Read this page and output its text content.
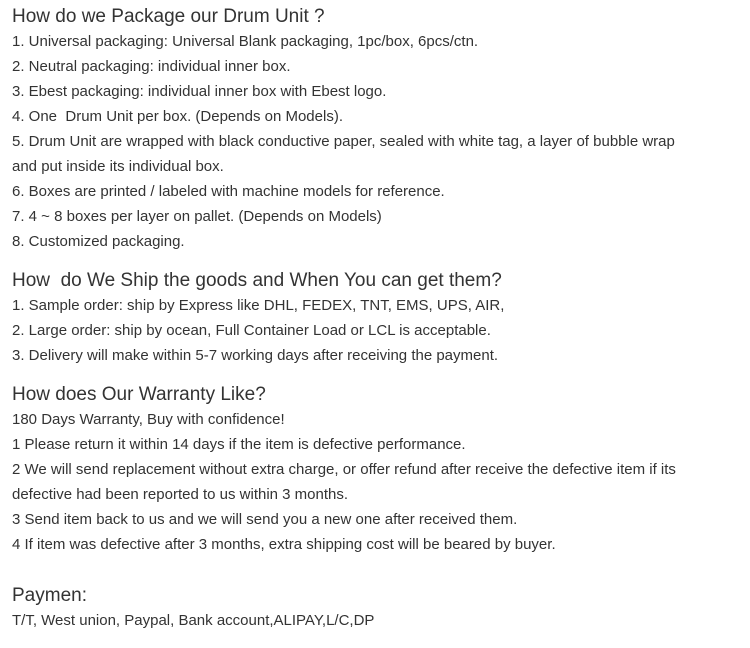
How do we Package our Drum Unit ?
1. Universal packaging: Universal Blank packaging, 1pc/box, 6pcs/ctn.
2. Neutral packaging: individual inner box.
3. Ebest packaging: individual inner box with Ebest logo.
4. One  Drum Unit per box. (Depends on Models).
5. Drum Unit are wrapped with black conductive paper, sealed with white tag, a layer of bubble wrap
and put inside its individual box.
6. Boxes are printed / labeled with machine models for reference.
7. 4 ~ 8 boxes per layer on pallet. (Depends on Models)
8. Customized packaging.
How  do We Ship the goods and When You can get them?
1. Sample order: ship by Express like DHL, FEDEX, TNT, EMS, UPS, AIR,
2. Large order: ship by ocean, Full Container Load or LCL is acceptable.
3. Delivery will make within 5-7 working days after receiving the payment.
How does Our Warranty Like?
180 Days Warranty, Buy with confidence!
1 Please return it within 14 days if the item is defective performance.
2 We will send replacement without extra charge, or offer refund after receive the defective item if its
defective had been reported to us within 3 months.
3 Send item back to us and we will send you a new one after received them.
4 If item was defective after 3 months, extra shipping cost will be beared by buyer.
Paymen:
T/T, West union, Paypal, Bank account,ALIPAY,L/C,DP
